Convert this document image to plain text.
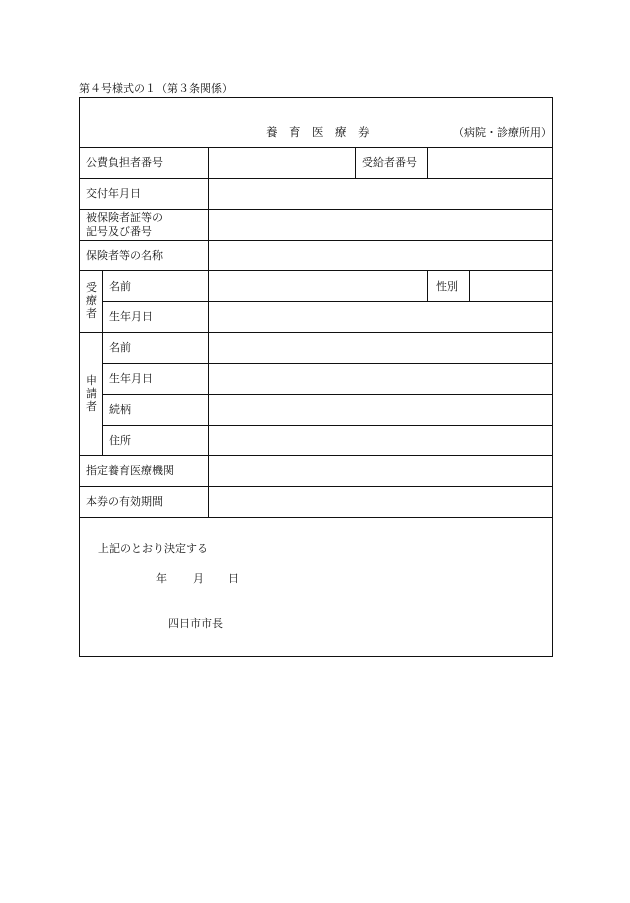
第４号様式の１（第３条関係）
養　育　医　療　券	（病院・診療所用）
公費負担者番号	受給者番号
交付年月日
被保険者証等の
記号及び番号
保険者等の名称
受療者
名前	性別
生年月日
申請者
名前
生年月日
続柄
住所
指定養育医療機関
本券の有効期間
上記のとおり決定する
年 月 日
四日市市長
